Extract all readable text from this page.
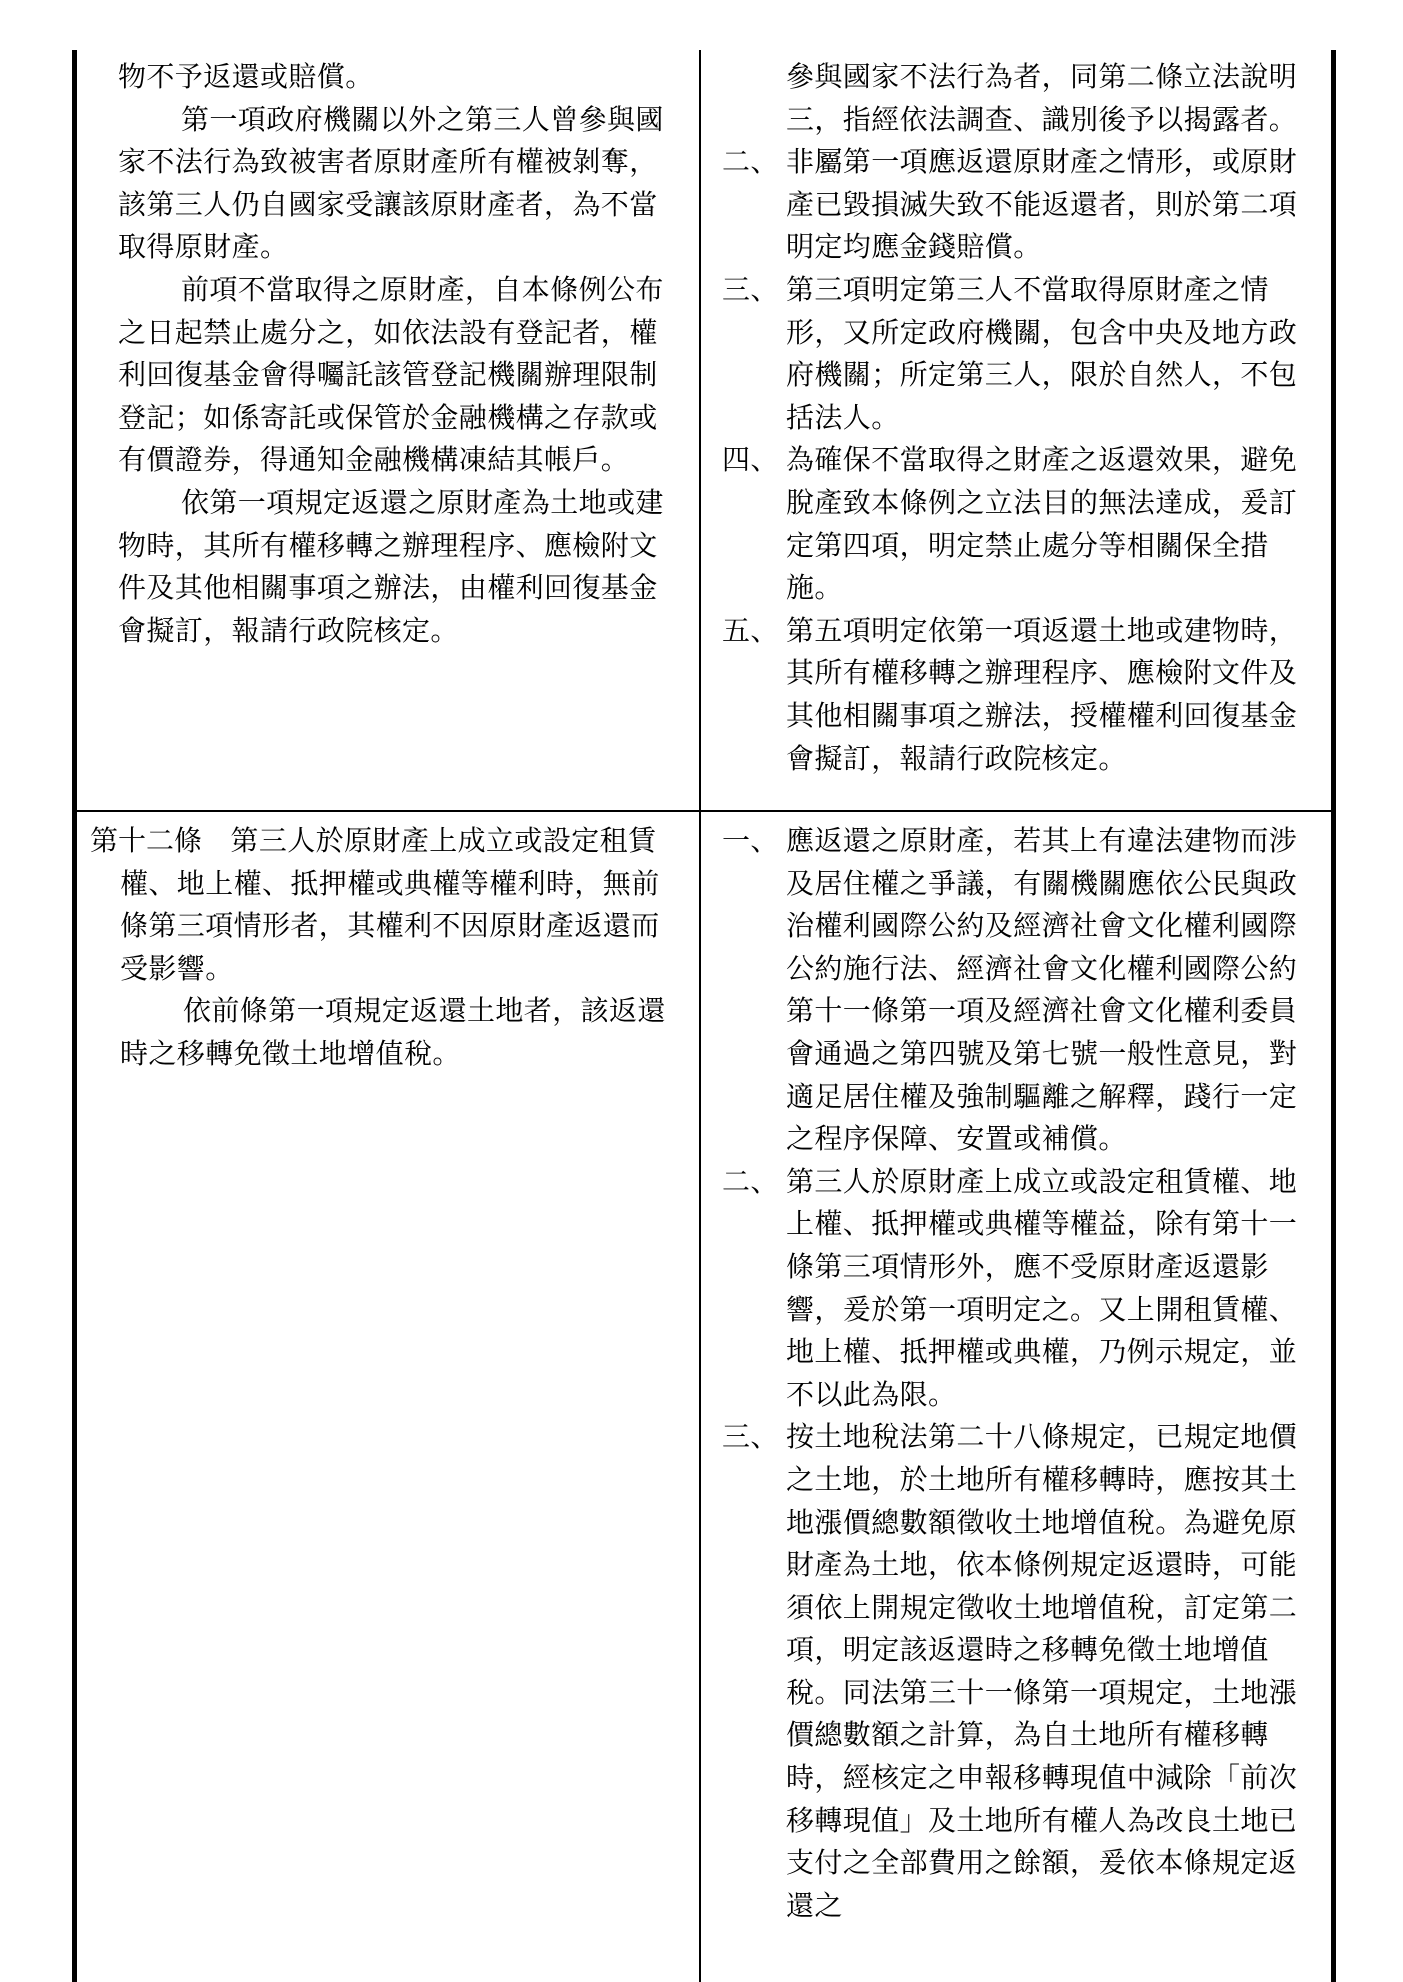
物不予返還或賠償。

第一項政府機關以外之第三人曾參與國家不法行為致被害者原財產所有權被剝奪，該第三人仍自國家受讓該原財產者，為不當取得原財產。

前項不當取得之原財產，自本條例公布之日起禁止處分之，如依法設有登記者，權利回復基金會得囑託該管登記機關辦理限制登記；如係寄託或保管於金融機構之存款或有價證券，得通知金融機構凍結其帳戶。

依第一項規定返還之原財產為土地或建物時，其所有權移轉之辦理程序、應檢附文件及其他相關事項之辦法，由權利回復基金會擬訂，報請行政院核定。

參與國家不法行為者，同第二條立法說明三，指經依法調查、識別後予以揭露者。

二、 非屬第一項應返還原財產之情形，或原財產已毀損滅失致不能返還者，則於第二項明定均應金錢賠償。
三、 第三項明定第三人不當取得原財產之情形，又所定政府機關，包含中央及地方政府機關；所定第三人，限於自然人，不包括法人。
四、 為確保不當取得之財產之返還效果，避免脫產致本條例之立法目的無法達成，爰訂定第四項，明定禁止處分等相關保全措施。
五、 第五項明定依第一項返還土地或建物時，其所有權移轉之辦理程序、應檢附文件及其他相關事項之辦法，授權權利回復基金會擬訂，報請行政院核定。

第十二條　 第三人於原財產上成立或設定租賃權、地上權、抵押權或典權等權利時，無前條第三項情形者，其權利不因原財產返還而受影響。

依前條第一項規定返還土地者，該返還時之移轉免徵土地增值稅。

一、 應返還之原財產，若其上有違法建物而涉及居住權之爭議，有關機關應依公民與政治權利國際公約及經濟社會文化權利國際公約施行法、經濟社會文化權利國際公約第十一條第一項及經濟社會文化權利委員會通過之第四號及第七號一般性意見，對適足居住權及強制驅離之解釋，踐行一定之程序保障、安置或補償。
二、 第三人於原財產上成立或設定租賃權、地上權、抵押權或典權等權益，除有第十一條第三項情形外，應不受原財產返還影響，爰於第一項明定之。又上開租賃權、地上權、抵押權或典權，乃例示規定，並不以此為限。
三、 按土地稅法第二十八條規定，已規定地價之土地，於土地所有權移轉時，應按其土地漲價總數額徵收土地增值稅。為避免原財產為土地，依本條例規定返還時，可能須依上開規定徵收土地增值稅，訂定第二項，明定該返還時之移轉免徵土地增值稅。同法第三十一條第一項規定，土地漲價總數額之計算，為自土地所有權移轉時，經核定之申報移轉現值中減除「前次移轉現值」及土地所有權人為改良土地已支付之全部費用之餘額，爰依本條規定返還之
